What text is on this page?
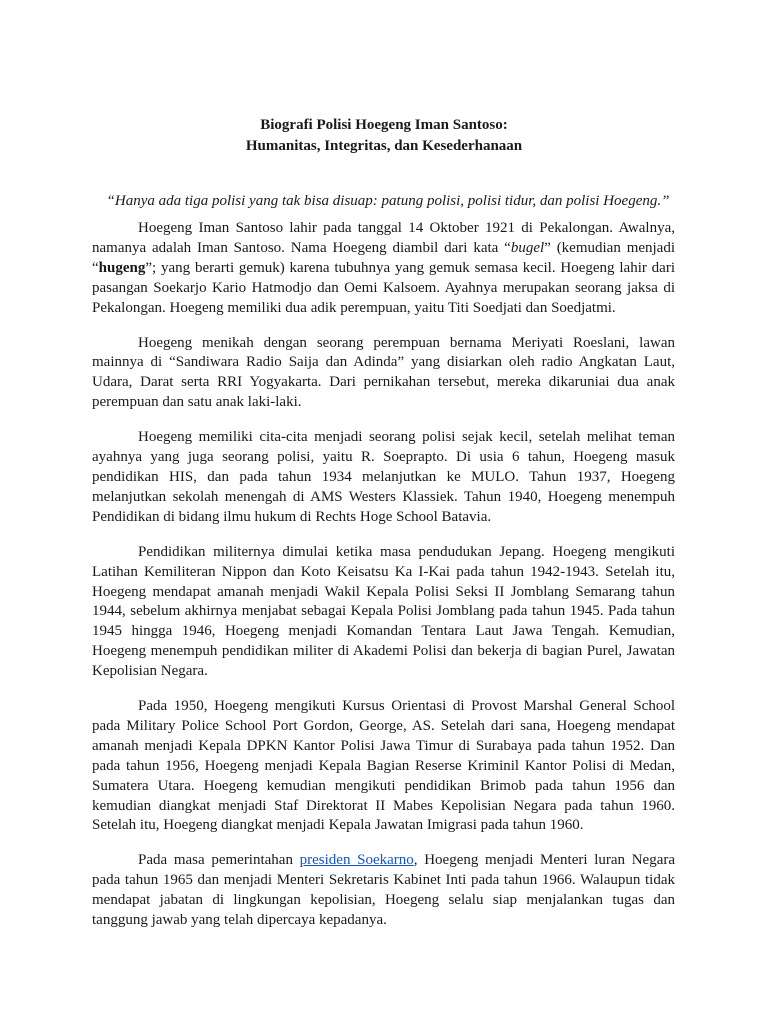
Biografi Polisi Hoegeng Iman Santoso:
Humanitas, Integritas, dan Kesederhanaan
“Hanya ada tiga polisi yang tak bisa disuap: patung polisi, polisi tidur, dan polisi Hoegeng.”

Hoegeng Iman Santoso lahir pada tanggal 14 Oktober 1921 di Pekalongan. Awalnya, namanya adalah Iman Santoso. Nama Hoegeng diambil dari kata “bugel” (kemudian menjadi “hugeng”; yang berarti gemuk) karena tubuhnya yang gemuk semasa kecil. Hoegeng lahir dari pasangan Soekarjo Kario Hatmodjo dan Oemi Kalsoem. Ayahnya merupakan seorang jaksa di Pekalongan. Hoegeng memiliki dua adik perempuan, yaitu Titi Soedjati dan Soedjatmi.

Hoegeng menikah dengan seorang perempuan bernama Meriyati Roeslani, lawan mainnya di “Sandiwara Radio Saija dan Adinda” yang disiarkan oleh radio Angkatan Laut, Udara, Darat serta RRI Yogyakarta. Dari pernikahan tersebut, mereka dikaruniai dua anak perempuan dan satu anak laki-laki.

Hoegeng memiliki cita-cita menjadi seorang polisi sejak kecil, setelah melihat teman ayahnya yang juga seorang polisi, yaitu R. Soeprapto. Di usia 6 tahun, Hoegeng masuk pendidikan HIS, dan pada tahun 1934 melanjutkan ke MULO. Tahun 1937, Hoegeng melanjutkan sekolah menengah di AMS Westers Klassiek. Tahun 1940, Hoegeng menempuh Pendidikan di bidang ilmu hukum di Rechts Hoge School Batavia.

Pendidikan militernya dimulai ketika masa pendudukan Jepang. Hoegeng mengikuti Latihan Kemiliteran Nippon dan Koto Keisatsu Ka I-Kai pada tahun 1942-1943. Setelah itu, Hoegeng mendapat amanah menjadi Wakil Kepala Polisi Seksi II Jomblang Semarang tahun 1944, sebelum akhirnya menjabat sebagai Kepala Polisi Jomblang pada tahun 1945. Pada tahun 1945 hingga 1946, Hoegeng menjadi Komandan Tentara Laut Jawa Tengah. Kemudian, Hoegeng menempuh pendidikan militer di Akademi Polisi dan bekerja di bagian Purel, Jawatan Kepolisian Negara.

Pada 1950, Hoegeng mengikuti Kursus Orientasi di Provost Marshal General School pada Military Police School Port Gordon, George, AS. Setelah dari sana, Hoegeng mendapat amanah menjadi Kepala DPKN Kantor Polisi Jawa Timur di Surabaya pada tahun 1952. Dan pada tahun 1956, Hoegeng menjadi Kepala Bagian Reserse Kriminil Kantor Polisi di Medan, Sumatera Utara. Hoegeng kemudian mengikuti pendidikan Brimob pada tahun 1956 dan kemudian diangkat menjadi Staf Direktorat II Mabes Kepolisian Negara pada tahun 1960. Setelah itu, Hoegeng diangkat menjadi Kepala Jawatan Imigrasi pada tahun 1960.

Pada masa pemerintahan presiden Soekarno, Hoegeng menjadi Menteri luran Negara pada tahun 1965 dan menjadi Menteri Sekretaris Kabinet Inti pada tahun 1966. Walaupun tidak mendapat jabatan di lingkungan kepolisian, Hoegeng selalu siap menjalankan tugas dan tanggung jawab yang telah dipercaya kepadanya.
